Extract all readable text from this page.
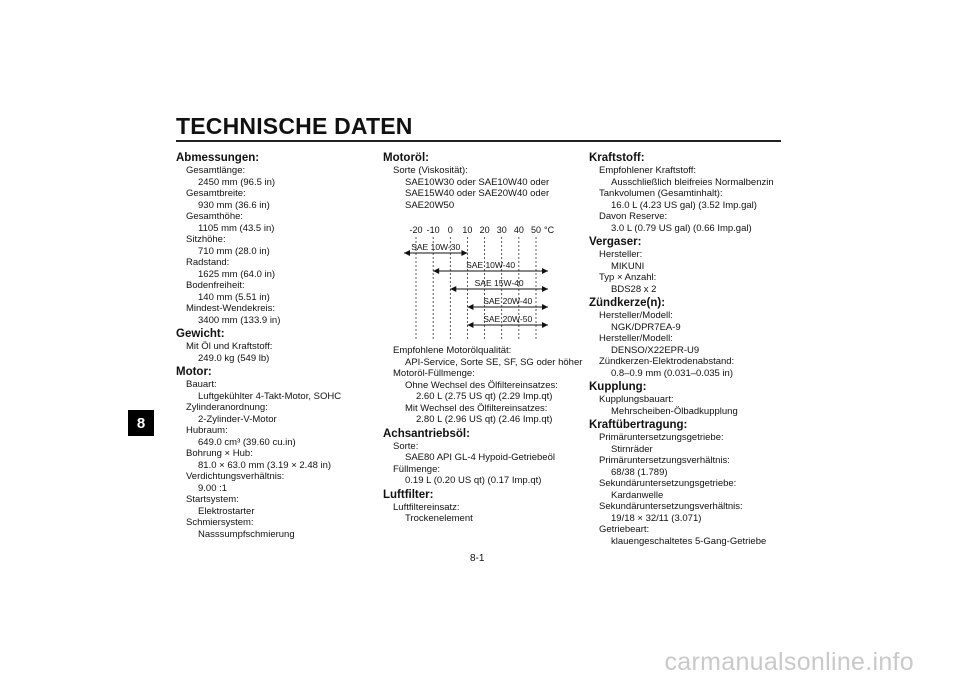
TECHNISCHE DATEN
8
Abmessungen:
Gesamtlänge:
2450 mm (96.5 in)
Gesamtbreite:
930 mm (36.6 in)
Gesamthöhe:
1105 mm (43.5 in)
Sitzhöhe:
710 mm (28.0 in)
Radstand:
1625 mm (64.0 in)
Bodenfreiheit:
140 mm (5.51 in)
Mindest-Wendekreis:
3400 mm (133.9 in)
Gewicht:
Mit Öl und Kraftstoff:
249.0 kg (549 lb)
Motor:
Bauart:
Luftgekühlter 4-Takt-Motor, SOHC
Zylinderanordnung:
2-Zylinder-V-Motor
Hubraum:
649.0 cm³ (39.60 cu.in)
Bohrung × Hub:
81.0 × 63.0 mm (3.19 × 2.48 in)
Verdichtungsverhältnis:
9.00 :1
Startsystem:
Elektrostarter
Schmiersystem:
Nasssumpfschmierung
Motoröl:
Sorte (Viskosität):
SAE10W30 oder SAE10W40 oder
SAE15W40 oder SAE20W40 oder
SAE20W50
-20 -10 0 10 20 30 40 50 °C
SAE 10W-30
SAE 10W-40
SAE 15W-40
SAE 20W-40
SAE 20W-50
Empfohlene Motorölqualität:
API-Service, Sorte SE, SF, SG oder höher
Motoröl-Füllmenge:
Ohne Wechsel des Ölfiltereinsatzes:
2.60 L (2.75 US qt) (2.29 Imp.qt)
Mit Wechsel des Ölfiltereinsatzes:
2.80 L (2.96 US qt) (2.46 Imp.qt)
Achsantriebsöl:
Sorte:
SAE80 API GL-4 Hypoid-Getriebeöl
Füllmenge:
0.19 L (0.20 US qt) (0.17 Imp.qt)
Luftfilter:
Luftfiltereinsatz:
Trockenelement
Kraftstoff:
Empfohlener Kraftstoff:
Ausschließlich bleifreies Normalbenzin
Tankvolumen (Gesamtinhalt):
16.0 L (4.23 US gal) (3.52 Imp.gal)
Davon Reserve:
3.0 L (0.79 US gal) (0.66 Imp.gal)
Vergaser:
Hersteller:
MIKUNI
Typ × Anzahl:
BDS28 x 2
Zündkerze(n):
Hersteller/Modell:
NGK/DPR7EA-9
Hersteller/Modell:
DENSO/X22EPR-U9
Zündkerzen-Elektrodenabstand:
0.8–0.9 mm (0.031–0.035 in)
Kupplung:
Kupplungsbauart:
Mehrscheiben-Ölbadkupplung
Kraftübertragung:
Primäruntersetzungsgetriebe:
Stirnräder
Primäruntersetzungsverhältnis:
68/38 (1.789)
Sekundäruntersetzungsgetriebe:
Kardanwelle
Sekundäruntersetzungsverhältnis:
19/18 × 32/11 (3.071)
Getriebeart:
klauengeschaltetes 5-Gang-Getriebe
8-1
carmanualsonline.info
